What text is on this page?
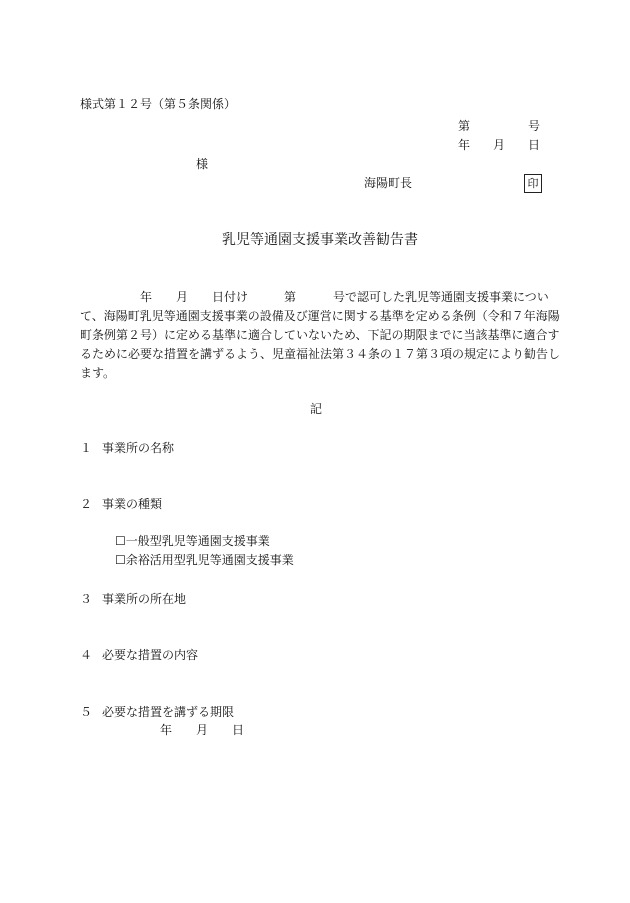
様式第１２号（第５条関係）
第	号
年 月 日
様
海陽町長	印
乳児等通園支援事業改善勧告書
年 月 日付け	第	号で認可した乳児等通園支援事業につい
て、海陽町乳児等通園支援事業の設備及び運営に関する基準を定める条例（令和７年海陽
町条例第２号）に定める基準に適合していないため、下記の期限までに当該基準に適合す
るために必要な措置を講ずるよう、児童福祉法第３４条の１７第３項の規定により勧告し
ます。
記
１ 事業所の名称
２ 事業の種類
☐一般型乳児等通園支援事業
☐余裕活用型乳児等通園支援事業
３ 事業所の所在地
４ 必要な措置の内容
５ 必要な措置を講ずる期限
年 月 日
